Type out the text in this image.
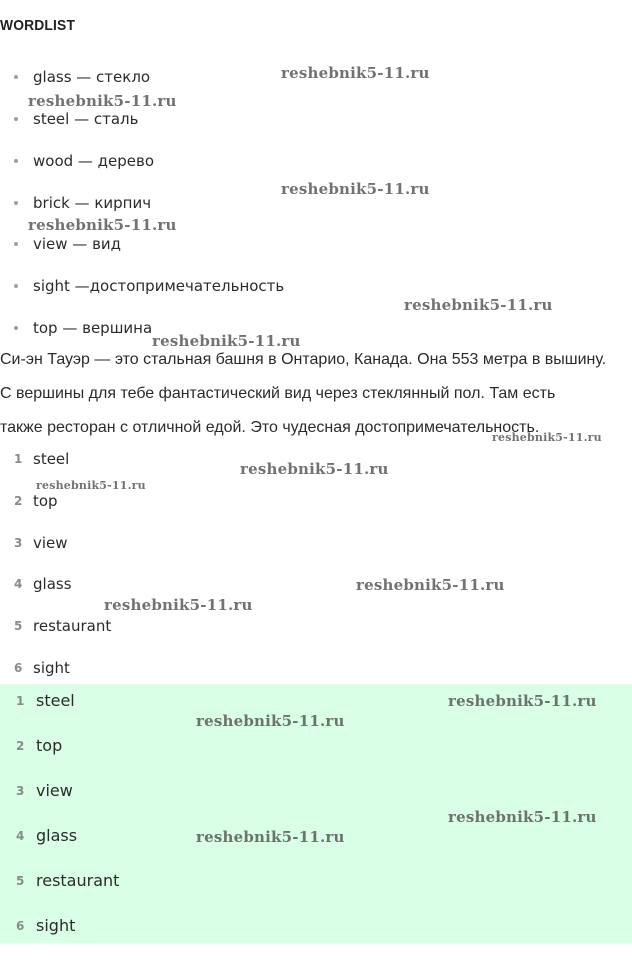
WORDLIST
glass — стекло
steel — сталь
wood — дерево
brick — кирпич
view — вид
sight —достопримечательность
top — вершина
Си-эн Тауэр — это стальная башня в Онтарио, Канада. Она 553 метра в вышину.
С вершины для тебе фантастический вид через стеклянный пол. Там есть
также ресторан с отличной едой. Это чудесная достопримечательность.
1 steel
2 top
3 view
4 glass
5 restaurant
6 sight
1 steel
2 top
3 view
4 glass
5 restaurant
6 sight
reshebnik5-11.ru
reshebnik5-11.ru
reshebnik5-11.ru
reshebnik5-11.ru
reshebnik5-11.ru
reshebnik5-11.ru
reshebnik5-11.ru
reshebnik5-11.ru
reshebnik5-11.ru
reshebnik5-11.ru
reshebnik5-11.ru
reshebnik5-11.ru
reshebnik5-11.ru
reshebnik5-11.ru
reshebnik5-11.ru
